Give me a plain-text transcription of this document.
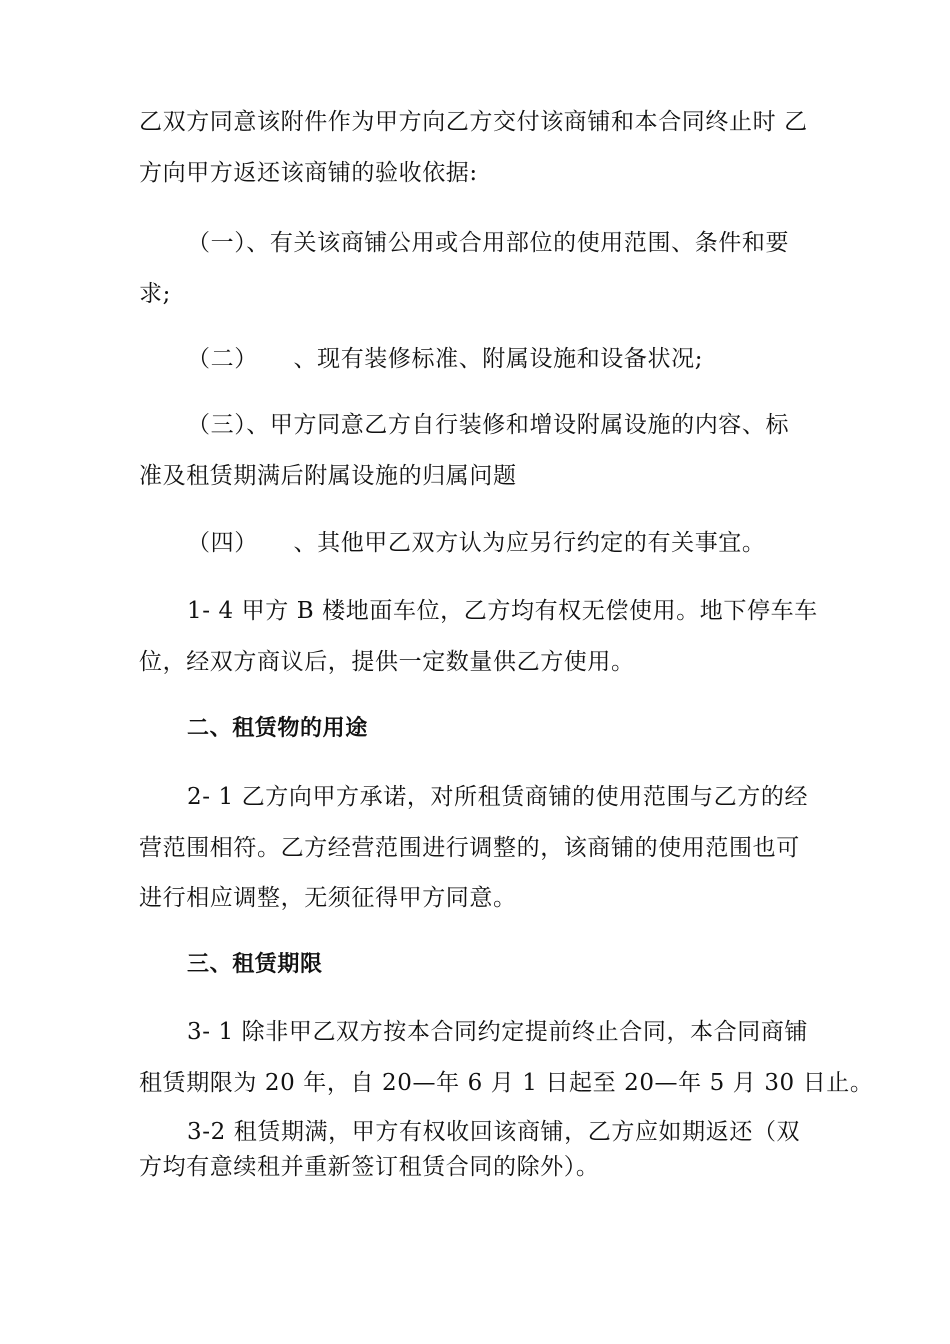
乙双方同意该附件作为甲方向乙方交付该商铺和本合同终止时 乙

方向甲方返还该商铺的验收依据:

（一）、有关该商铺公用或合用部位的使用范围、条件和要

求;

（二）　　、现有装修标准、附属设施和设备状况;

（三）、甲方同意乙方自行装修和增设附属设施的内容、标

准及租赁期满后附属设施的归属问题

（四）　　、其他甲乙双方认为应另行约定的有关事宜。

1- 4 甲方 B 楼地面车位，乙方均有权无偿使用。地下停车车

位，经双方商议后，提供一定数量供乙方使用。

二、租赁物的用途

2- 1 乙方向甲方承诺，对所租赁商铺的使用范围与乙方的经

营范围相符。乙方经营范围进行调整的，该商铺的使用范围也可

进行相应调整，无须征得甲方同意。

三、租赁期限

3- 1 除非甲乙双方按本合同约定提前终止合同，本合同商铺

租赁期限为 20 年，自 20—年 6 月 1 日起至 20—年 5 月 30 日止。

3-2 租赁期满，甲方有权收回该商铺，乙方应如期返还（双

方均有意续租并重新签订租赁合同的除外）。
